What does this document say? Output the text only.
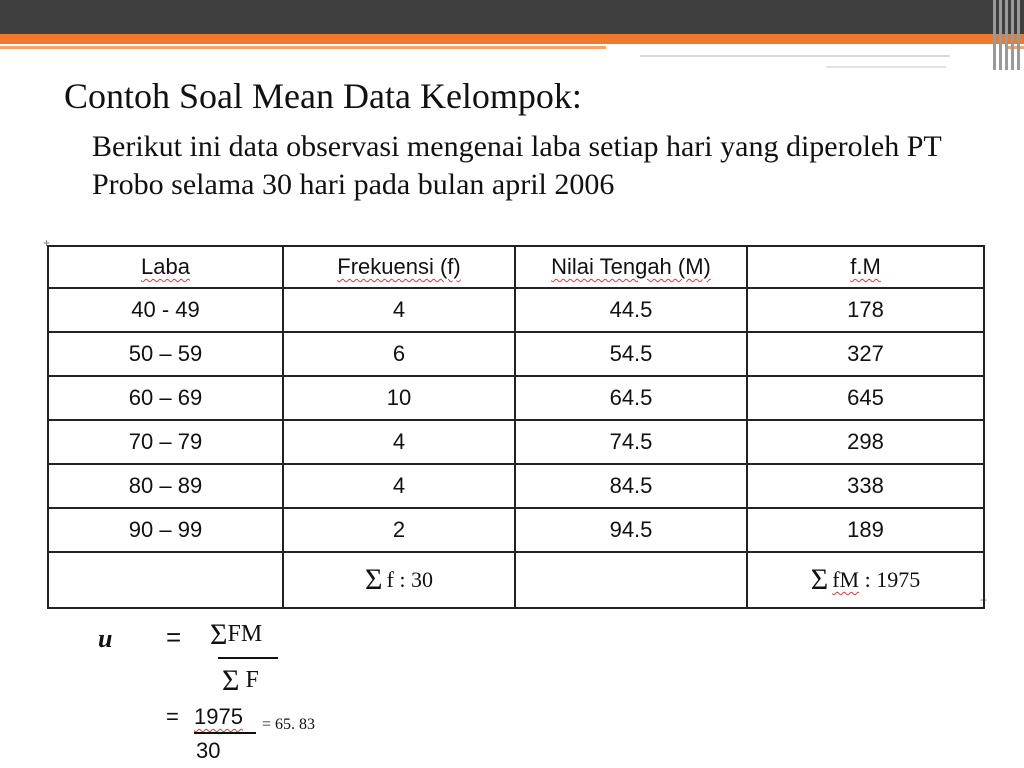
Contoh Soal Mean Data Kelompok:

Berikut ini data observasi mengenai laba setiap hari yang diperoleh PT Probo selama 30 hari pada bulan april 2006

+
+
Laba	Frekuensi (f)	Nilai Tengah (M)	f.M
40 - 49	4	44.5	178
50 – 59	6	54.5	327
60 – 69	10	64.5	645
70 – 79	4	74.5	298
80 – 89	4	84.5	338
90 – 99	2	94.5	189
	Σ f : 30		Σ fM : 1975
u = ΣFM
Σ F
= 1975
30
= 65. 83
